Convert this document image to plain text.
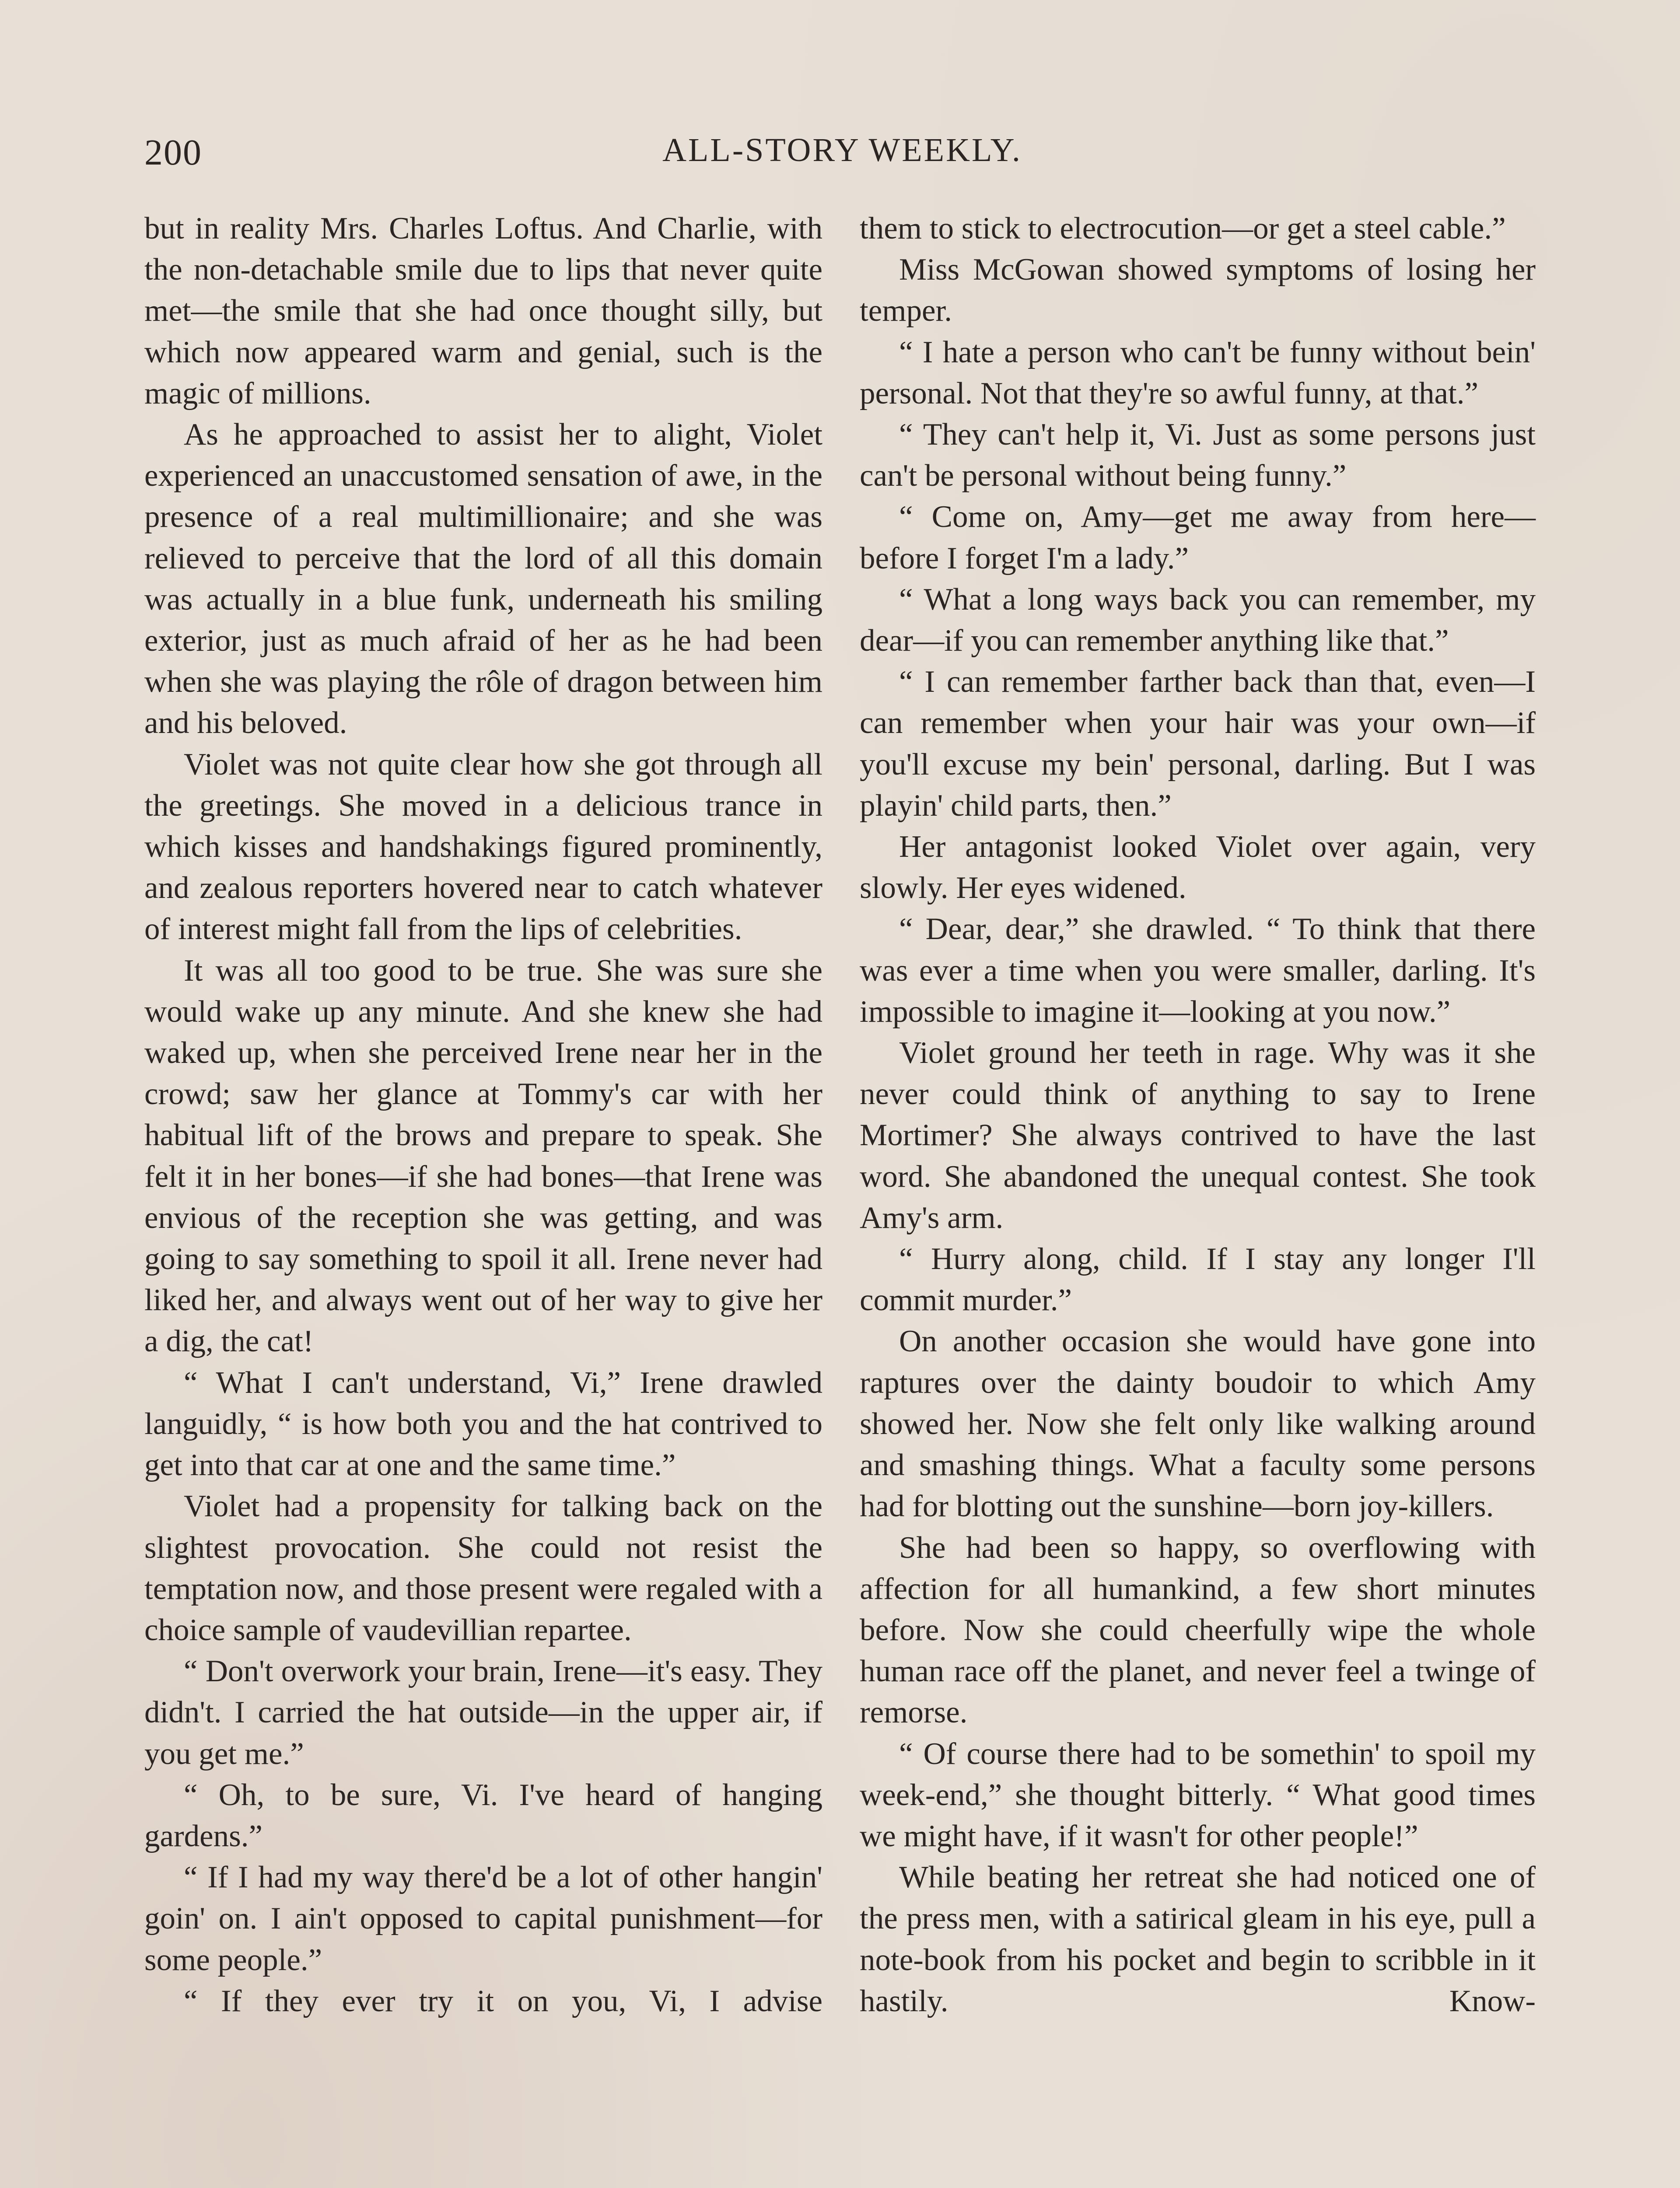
200	ALL-STORY WEEKLY.

but in reality Mrs. Charles Loftus. And Charlie, with the non-detachable smile due to lips that never quite met—the smile that she had once thought silly, but which now appeared warm and genial, such is the magic of millions.

As he approached to assist her to alight, Violet experienced an unaccustomed sensation of awe, in the presence of a real multimillionaire; and she was relieved to perceive that the lord of all this domain was actually in a blue funk, underneath his smiling exterior, just as much afraid of her as he had been when she was playing the rôle of dragon between him and his beloved.

Violet was not quite clear how she got through all the greetings. She moved in a delicious trance in which kisses and handshakings figured prominently, and zealous reporters hovered near to catch whatever of interest might fall from the lips of celebrities.

It was all too good to be true. She was sure she would wake up any minute. And she knew she had waked up, when she perceived Irene near her in the crowd; saw her glance at Tommy's car with her habitual lift of the brows and prepare to speak. She felt it in her bones—if she had bones—that Irene was envious of the reception she was getting, and was going to say something to spoil it all. Irene never had liked her, and always went out of her way to give her a dig, the cat!

“ What I can't understand, Vi,” Irene drawled languidly, “ is how both you and the hat contrived to get into that car at one and the same time.”

Violet had a propensity for talking back on the slightest provocation. She could not resist the temptation now, and those present were regaled with a choice sample of vaudevillian repartee.

“ Don't overwork your brain, Irene—it's easy. They didn't. I carried the hat outside—in the upper air, if you get me.”

“ Oh, to be sure, Vi. I've heard of hanging gardens.”

“ If I had my way there'd be a lot of other hangin' goin' on. I ain't opposed to capital punishment—for some people.”

“ If they ever try it on you, Vi, I advise

them to stick to electrocution—or get a steel cable.”

Miss McGowan showed symptoms of losing her temper.

“ I hate a person who can't be funny without bein' personal. Not that they're so awful funny, at that.”

“ They can't help it, Vi. Just as some persons just can't be personal without being funny.”

“ Come on, Amy—get me away from here—before I forget I'm a lady.”

“ What a long ways back you can remember, my dear—if you can remember anything like that.”

“ I can remember farther back than that, even—I can remember when your hair was your own—if you'll excuse my bein' personal, darling. But I was playin' child parts, then.”

Her antagonist looked Violet over again, very slowly. Her eyes widened.

“ Dear, dear,” she drawled. “ To think that there was ever a time when you were smaller, darling. It's impossible to imagine it—looking at you now.”

Violet ground her teeth in rage. Why was it she never could think of anything to say to Irene Mortimer? She always contrived to have the last word. She abandoned the unequal contest. She took Amy's arm.

“ Hurry along, child. If I stay any longer I'll commit murder.”

On another occasion she would have gone into raptures over the dainty boudoir to which Amy showed her. Now she felt only like walking around and smashing things. What a faculty some persons had for blotting out the sunshine—born joy-killers.

She had been so happy, so overflowing with affection for all humankind, a few short minutes before. Now she could cheerfully wipe the whole human race off the planet, and never feel a twinge of remorse.

“ Of course there had to be somethin' to spoil my week-end,” she thought bitterly. “ What good times we might have, if it wasn't for other people!”

While beating her retreat she had noticed one of the press men, with a satirical gleam in his eye, pull a note-book from his pocket and begin to scribble in it hastily. Know-
